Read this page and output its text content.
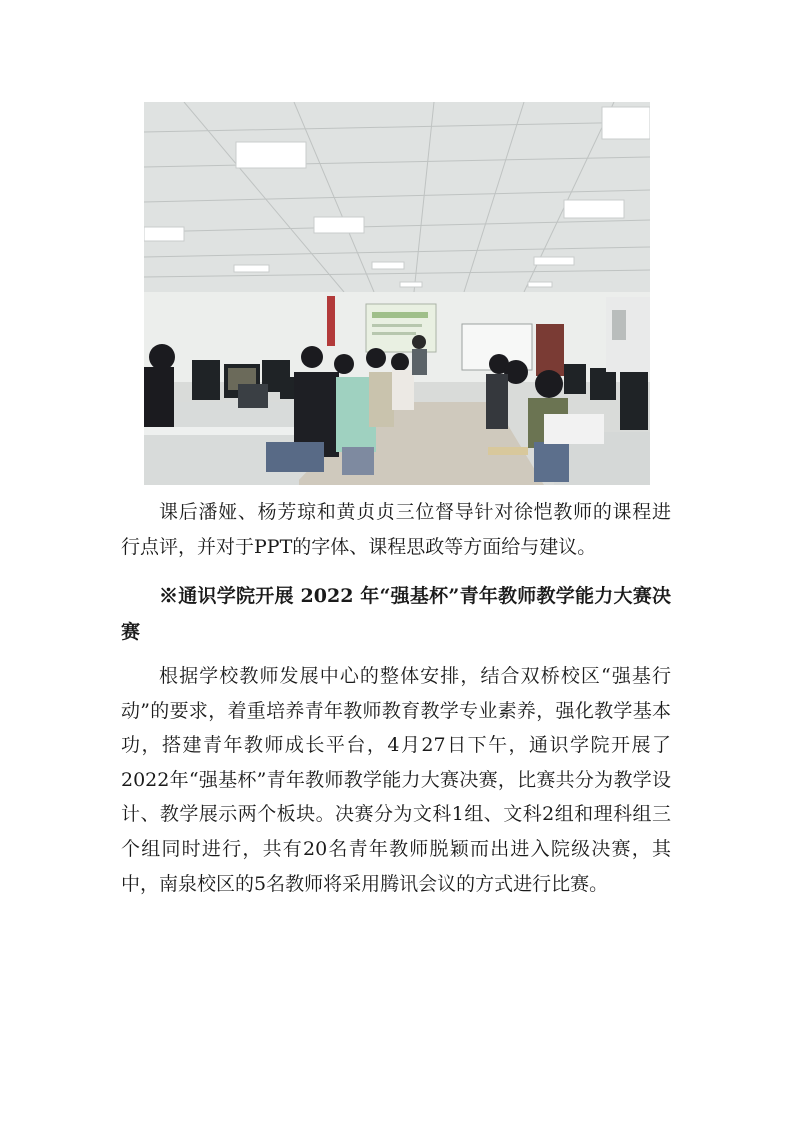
课后潘娅、杨芳琼和黄贞贞三位督导针对徐恺教师的课程进行点评，并对于PPT的字体、课程思政等方面给与建议。

※通识学院开展 2022 年“强基杯”青年教师教学能力大赛决赛

根据学校教师发展中心的整体安排，结合双桥校区“强基行动”的要求，着重培养青年教师教育教学专业素养，强化教学基本功，搭建青年教师成长平台，4月27日下午，通识学院开展了2022年“强基杯”青年教师教学能力大赛决赛，比赛共分为教学设计、教学展示两个板块。决赛分为文科1组、文科2组和理科组三个组同时进行，共有20名青年教师脱颖而出进入院级决赛，其中，南泉校区的5名教师将采用腾讯会议的方式进行比赛。
